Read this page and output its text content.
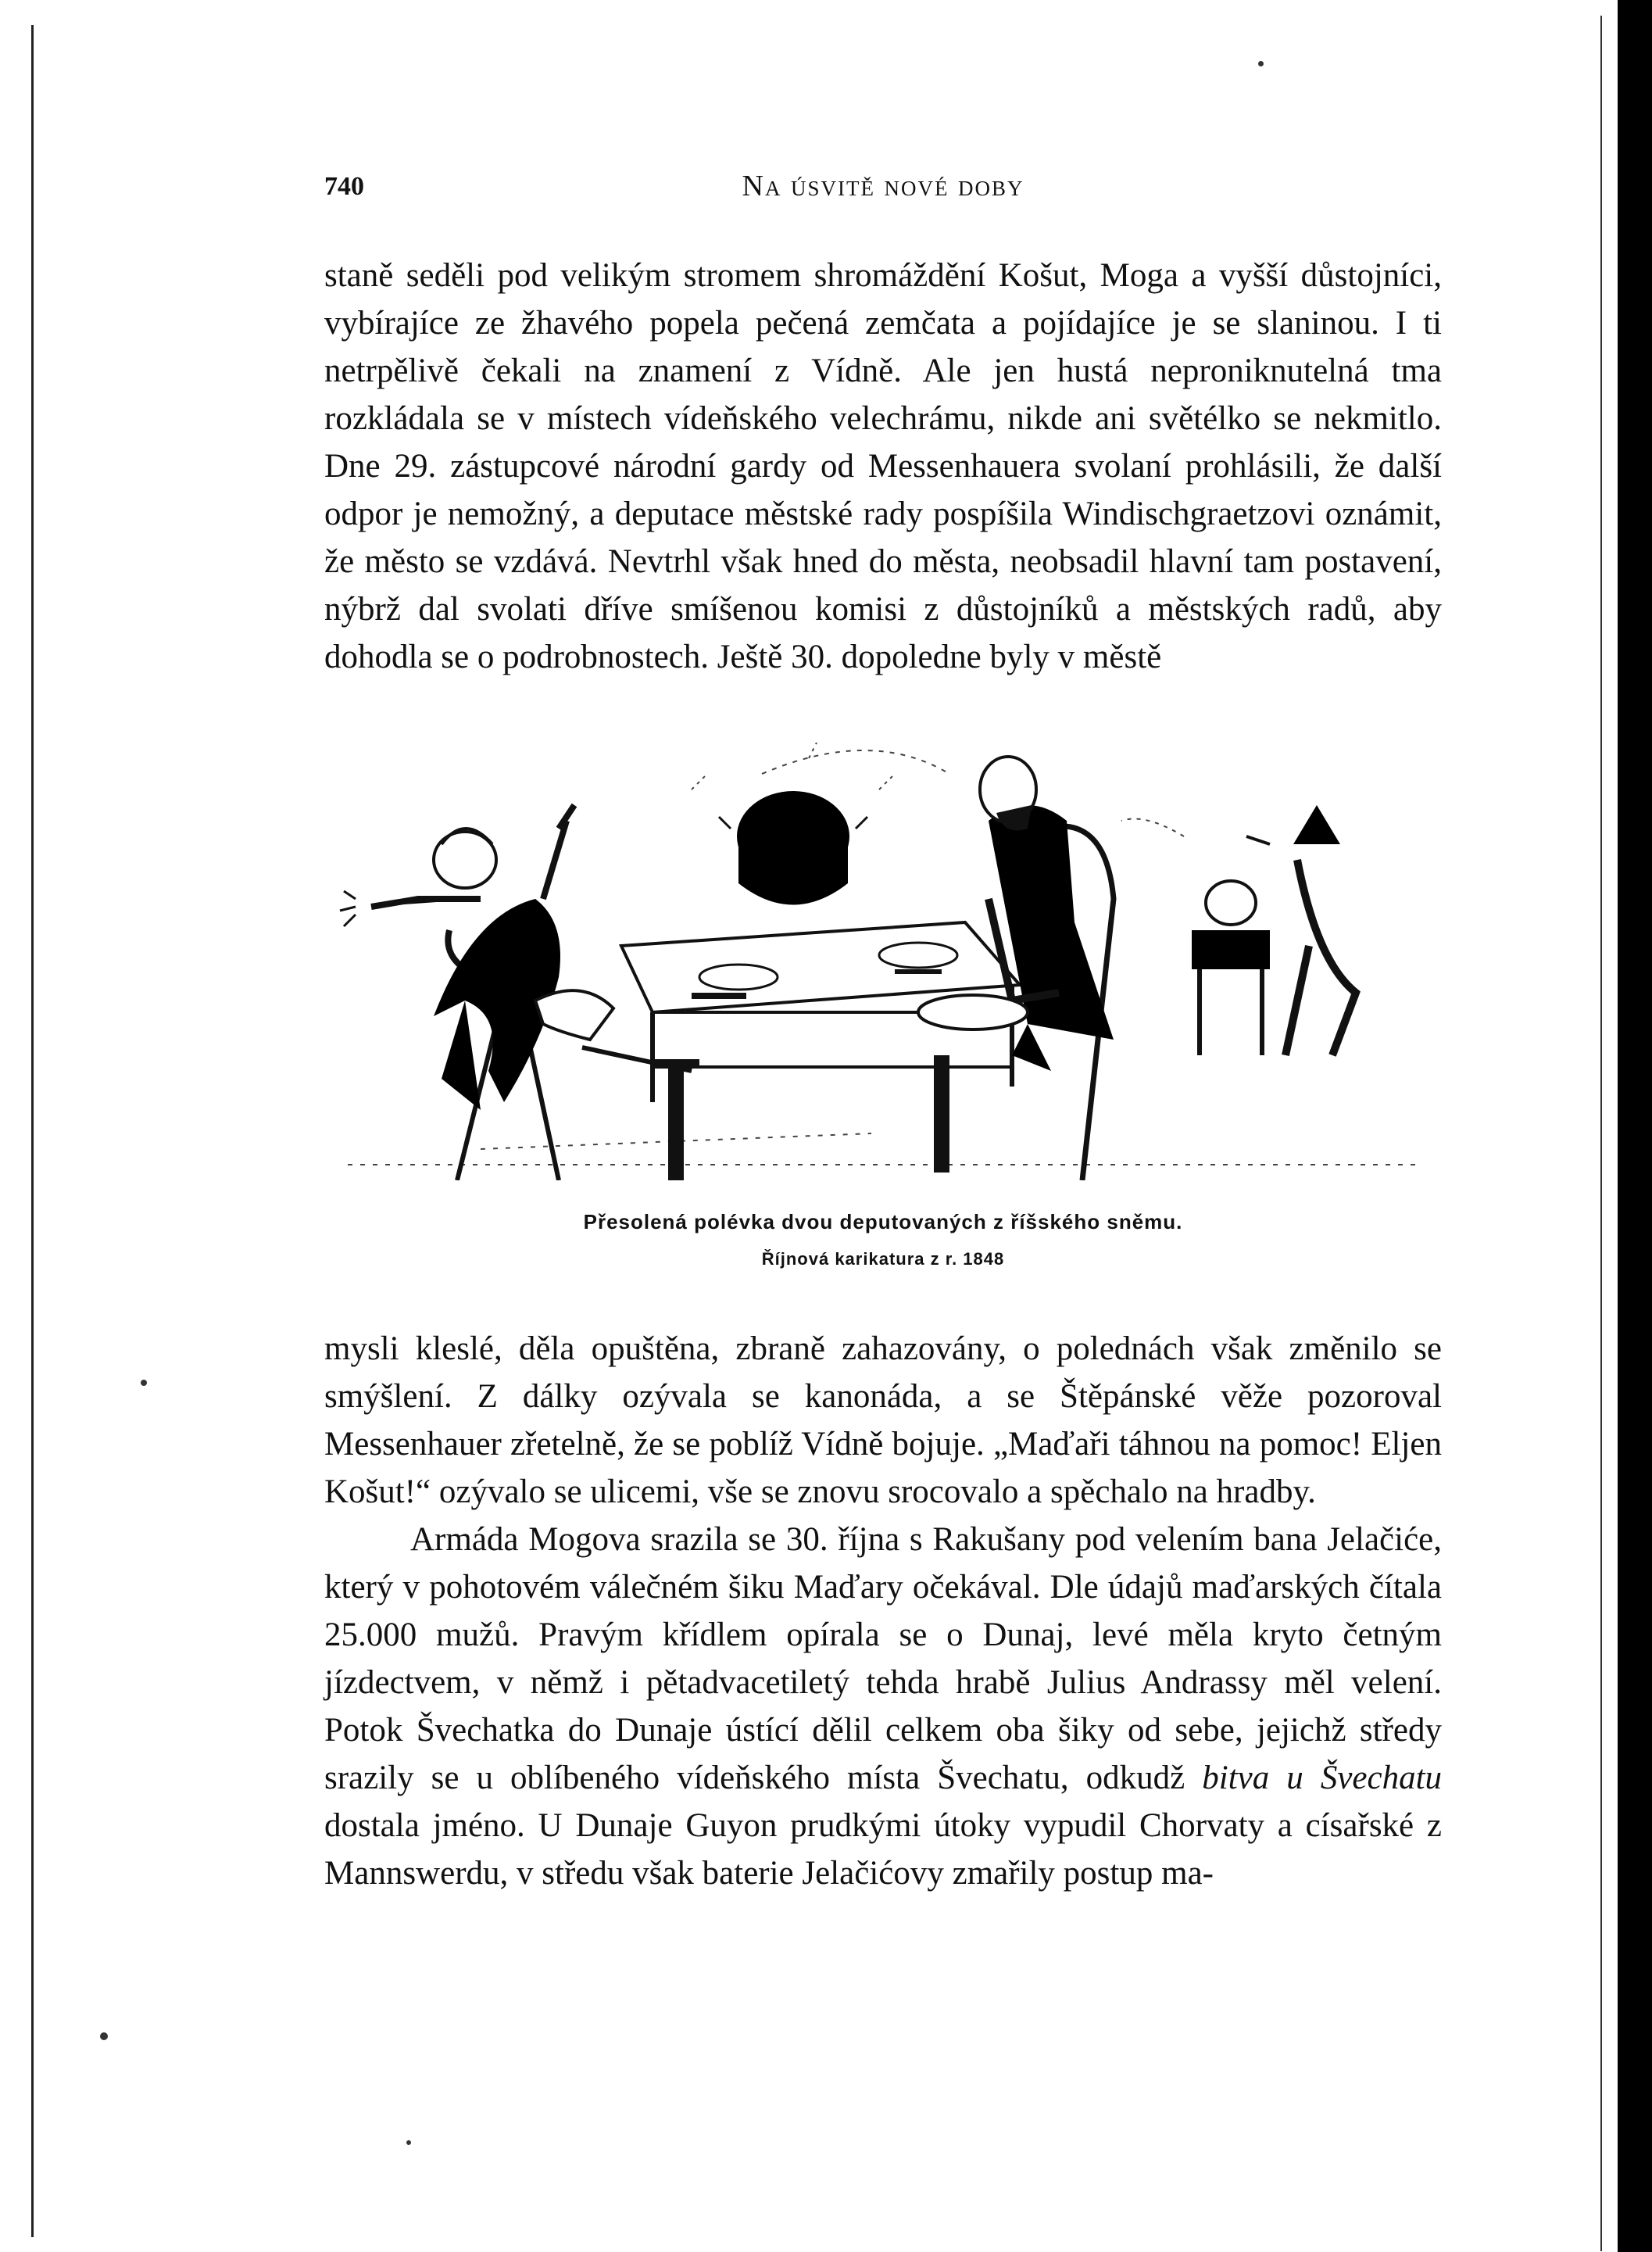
740	Na úsvitě nové doby

staně seděli pod velikým stromem shromáždění Košut, Moga a vyšší důstojníci, vybírajíce ze žhavého popela pečená zemčata a pojídajíce je se slaninou. I ti netrpělivě čekali na znamení z Vídně. Ale jen hustá neproniknutelná tma rozkládala se v místech vídeňského velechrámu, nikde ani světélko se nekmitlo. Dne 29. zástupcové národní gardy od Messenhauera svolaní prohlásili, že další odpor je nemožný, a deputace městské rady pospíšila Windischgraetzovi oznámit, že město se vzdává. Nevtrhl však hned do města, neobsadil hlavní tam postavení, nýbrž dal svolati dříve smíšenou komisi z důstojníků a městských radů, aby dohodla se o podrobnostech. Ještě 30. dopoledne byly v městě

Přesolená polévka dvou deputovaných z říšského sněmu.
Říjnová karikatura z r. 1848

mysli kleslé, děla opuštěna, zbraně zahazovány, o polednách však změnilo se smýšlení. Z dálky ozývala se kanonáda, a se Štěpánské věže pozoroval Messenhauer zřetelně, že se poblíž Vídně bojuje. „Maďaři táhnou na pomoc! Eljen Košut!“ ozývalo se ulicemi, vše se znovu srocovalo a spěchalo na hradby.

Armáda Mogova srazila se 30. října s Rakušany pod velením bana Jelačiće, který v pohotovém válečném šiku Maďary očekával. Dle údajů maďarských čítala 25.000 mužů. Pravým křídlem opírala se o Dunaj, levé měla kryto četným jízdectvem, v němž i pětadvacetiletý tehda hrabě Julius Andrassy měl velení. Potok Švechatka do Dunaje ústící dělil celkem oba šiky od sebe, jejichž středy srazily se u oblíbeného vídeňského místa Švechatu, odkudž bitva u Švechatu dostala jméno. U Dunaje Guyon prudkými útoky vypudil Chorvaty a císařské z Mannswerdu, v středu však baterie Jelačićovy zmařily postup ma-
